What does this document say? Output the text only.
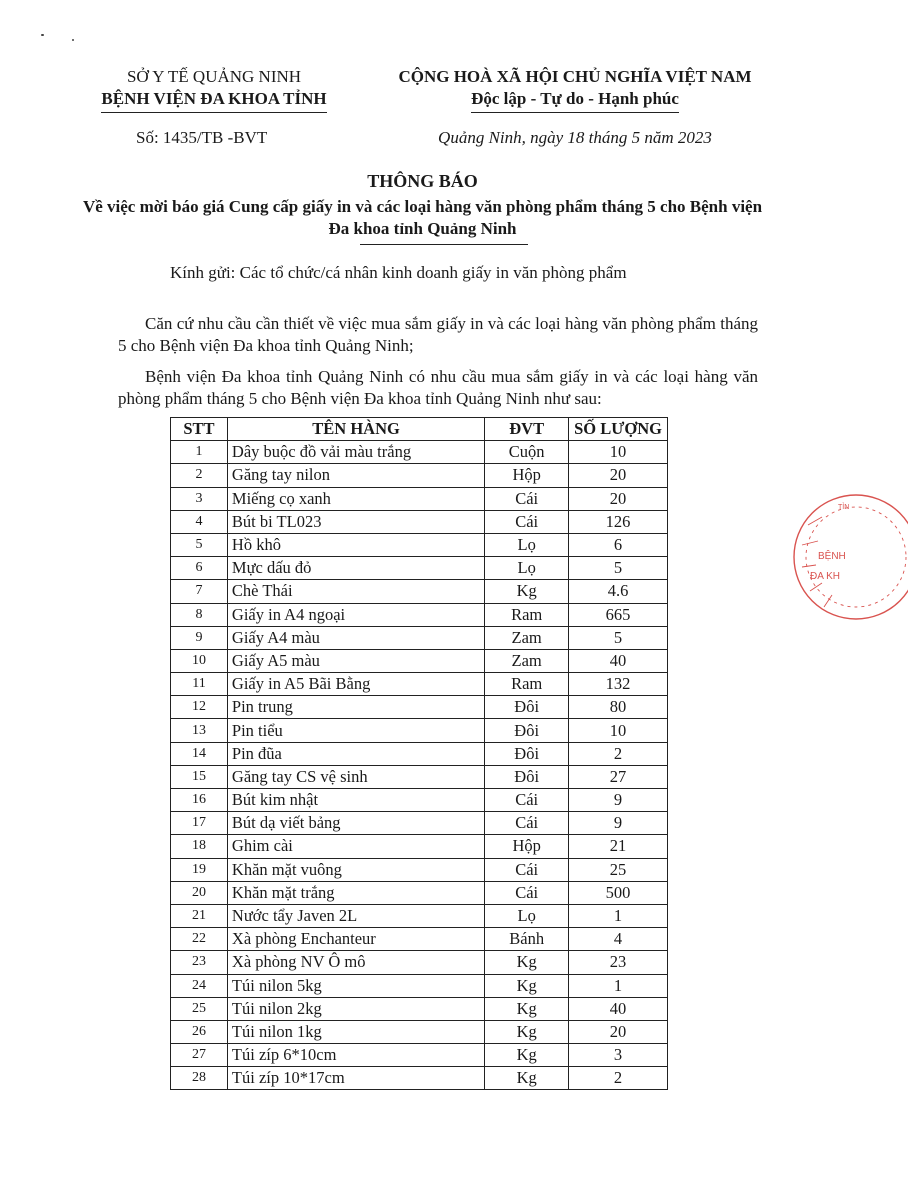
SỞ Y TẾ QUẢNG NINH
BỆNH VIỆN ĐA KHOA TỈNH
CỘNG HOÀ XÃ HỘI CHỦ NGHĨA VIỆT NAM
Độc lập - Tự do - Hạnh phúc
Số: 1435/TB -BVT	Quảng Ninh, ngày 18 tháng 5 năm 2023
THÔNG BÁO
Về việc mời báo giá Cung cấp giấy in và các loại hàng văn phòng phẩm tháng 5 cho Bệnh viện Đa khoa tỉnh Quảng Ninh
Kính gửi: Các tổ chức/cá nhân kinh doanh giấy in văn phòng phẩm
Căn cứ nhu cầu cần thiết về việc mua sắm giấy in và các loại hàng văn phòng phẩm tháng 5 cho Bệnh viện Đa khoa tỉnh Quảng Ninh;
Bệnh viện Đa khoa tỉnh Quảng Ninh có nhu cầu mua sắm giấy in và các loại hàng văn phòng phẩm tháng 5 cho Bệnh viện Đa khoa tỉnh Quảng Ninh như sau:
STT	TÊN HÀNG	ĐVT	SỐ LƯỢNG
1	Dây buộc đồ vải màu trắng	Cuộn	10
2	Găng tay nilon	Hộp	20
3	Miếng cọ xanh	Cái	20
4	Bút bi TL023	Cái	126
5	Hồ khô	Lọ	6
6	Mực dấu đỏ	Lọ	5
7	Chè Thái	Kg	4.6
8	Giấy in A4 ngoại	Ram	665
9	Giấy A4 màu	Zam	5
10	Giấy A5 màu	Zam	40
11	Giấy in A5 Bãi Bằng	Ram	132
12	Pin trung	Đôi	80
13	Pin tiểu	Đôi	10
14	Pin đũa	Đôi	2
15	Găng tay CS vệ sinh	Đôi	27
16	Bút kim nhật	Cái	9
17	Bút dạ viết bảng	Cái	9
18	Ghim cài	Hộp	21
19	Khăn mặt vuông	Cái	25
20	Khăn mặt trắng	Cái	500
21	Nước tẩy Javen 2L	Lọ	1
22	Xà phòng Enchanteur	Bánh	4
23	Xà phòng NV Ô mô	Kg	23
24	Túi nilon 5kg	Kg	1
25	Túi nilon 2kg	Kg	40
26	Túi nilon 1kg	Kg	20
27	Túi zíp 6*10cm	Kg	3
28	Túi zíp 10*17cm	Kg	2
BỆNH
ĐA KH
TỈN
